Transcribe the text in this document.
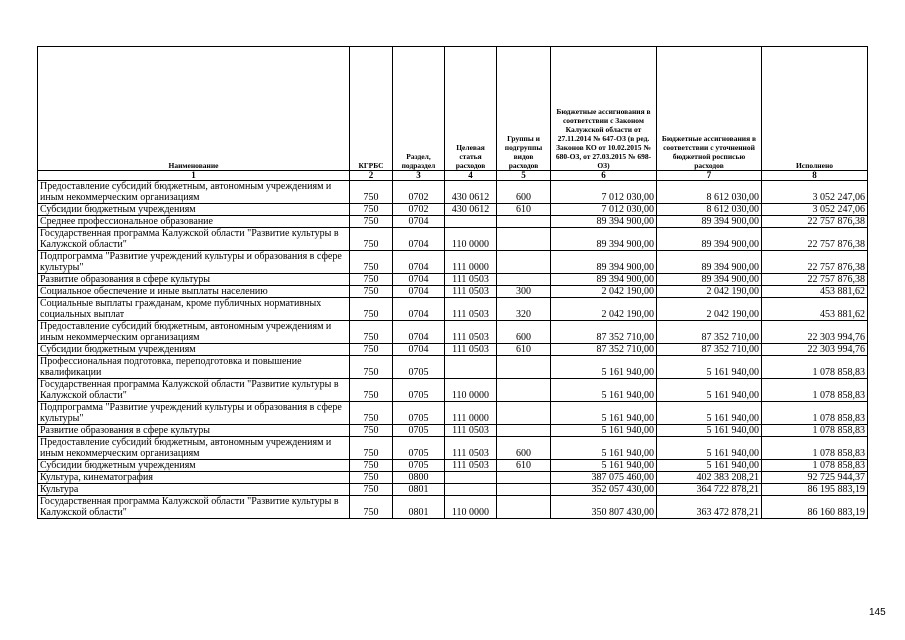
Наименование	КГРБС	Раздел, подраздел	Целевая статья расходов	Группы и подгруппы видов расходов	Бюджетные ассигнования в соответствии с Законом Калужской области от 27.11.2014 № 647-ОЗ (в ред. Законов КО от 10.02.2015 № 680-ОЗ, от 27.03.2015 № 698-ОЗ)	Бюджетные ассигнования в соответствии с уточненной бюджетной росписью расходов	Исполнено
1	2	3	4	5	6	7	8
Предоставление субсидий бюджетным, автономным учреждениям и иным некоммерческим организациям	750	0702	430 0612	600	7 012 030,00	8 612 030,00	3 052 247,06
Субсидии бюджетным учреждениям	750	0702	430 0612	610	7 012 030,00	8 612 030,00	3 052 247,06
Среднее профессиональное образование	750	0704			89 394 900,00	89 394 900,00	22 757 876,38
Государственная программа Калужской области "Развитие культуры в Калужской области"	750	0704	110 0000		89 394 900,00	89 394 900,00	22 757 876,38
Подпрограмма "Развитие учреждений культуры и образования в сфере культуры"	750	0704	111 0000		89 394 900,00	89 394 900,00	22 757 876,38
Развитие образования в сфере культуры	750	0704	111 0503		89 394 900,00	89 394 900,00	22 757 876,38
Социальное обеспечение и иные выплаты населению	750	0704	111 0503	300	2 042 190,00	2 042 190,00	453 881,62
Социальные выплаты гражданам, кроме публичных нормативных социальных выплат	750	0704	111 0503	320	2 042 190,00	2 042 190,00	453 881,62
Предоставление субсидий бюджетным, автономным учреждениям и иным некоммерческим организациям	750	0704	111 0503	600	87 352 710,00	87 352 710,00	22 303 994,76
Субсидии бюджетным учреждениям	750	0704	111 0503	610	87 352 710,00	87 352 710,00	22 303 994,76
Профессиональная подготовка, переподготовка и повышение квалификации	750	0705			5 161 940,00	5 161 940,00	1 078 858,83
Государственная программа Калужской области "Развитие культуры в Калужской области"	750	0705	110 0000		5 161 940,00	5 161 940,00	1 078 858,83
Подпрограмма "Развитие учреждений культуры и образования в сфере культуры"	750	0705	111 0000		5 161 940,00	5 161 940,00	1 078 858,83
Развитие образования в сфере культуры	750	0705	111 0503		5 161 940,00	5 161 940,00	1 078 858,83
Предоставление субсидий бюджетным, автономным учреждениям и иным некоммерческим организациям	750	0705	111 0503	600	5 161 940,00	5 161 940,00	1 078 858,83
Субсидии бюджетным учреждениям	750	0705	111 0503	610	5 161 940,00	5 161 940,00	1 078 858,83
Культура, кинематография	750	0800			387 075 460,00	402 383 208,21	92 725 944,37
Культура	750	0801			352 057 430,00	364 722 878,21	86 195 883,19
Государственная программа Калужской области "Развитие культуры в Калужской области"	750	0801	110 0000		350 807 430,00	363 472 878,21	86 160 883,19
145
